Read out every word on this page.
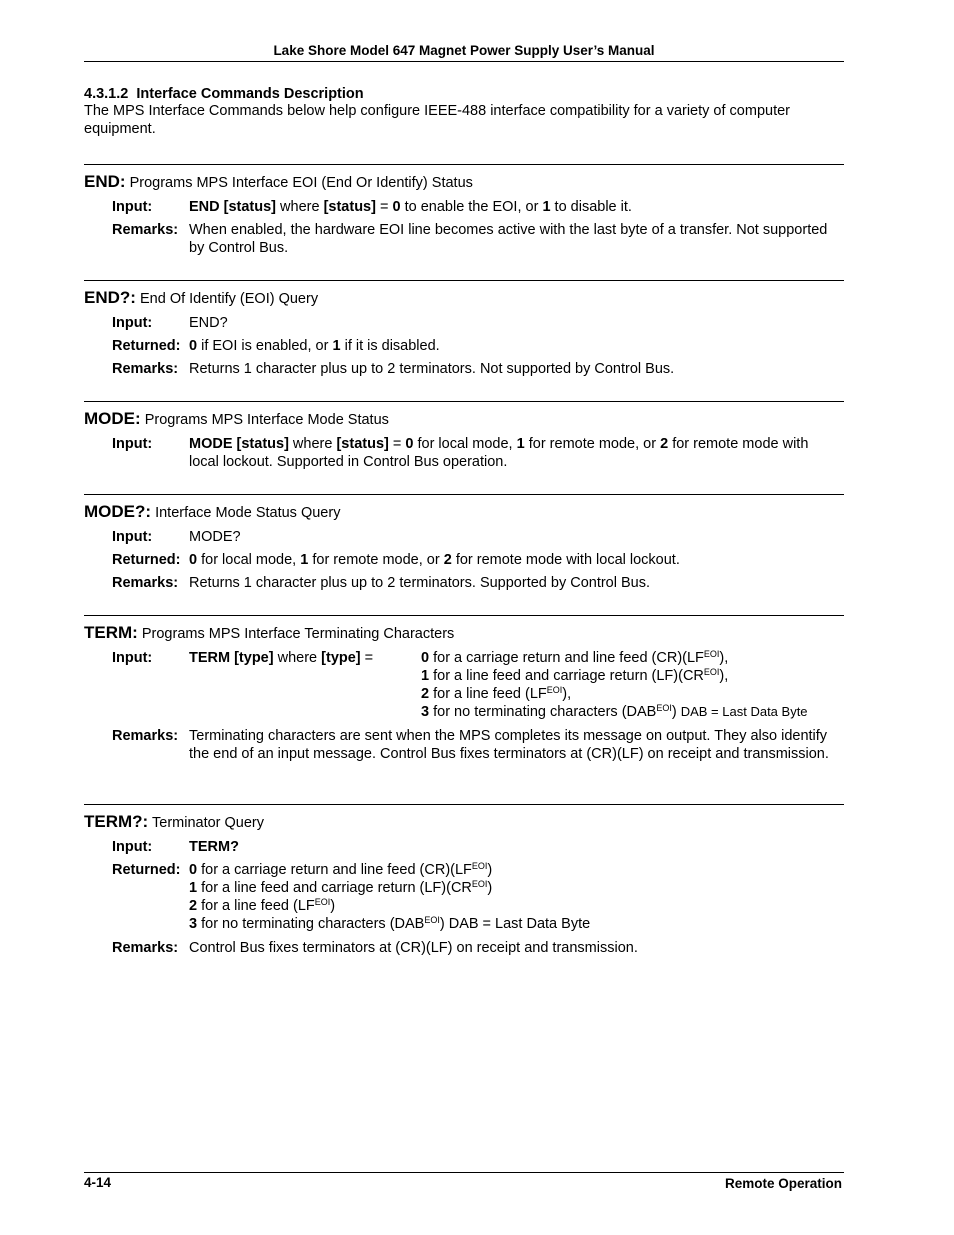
Lake Shore Model 647 Magnet Power Supply User’s Manual
4.3.1.2 Interface Commands Description
The MPS Interface Commands below help configure IEEE-488 interface compatibility for a variety of computer equipment.
END: Programs MPS Interface EOI (End Or Identify) Status
Input:	END [status] where [status] = 0 to enable the EOI, or 1 to disable it.
Remarks: When enabled, the hardware EOI line becomes active with the last byte of a transfer. Not supported by Control Bus.
END?: End Of Identify (EOI) Query
Input:	END?
Returned: 0 if EOI is enabled, or 1 if it is disabled.
Remarks: Returns 1 character plus up to 2 terminators. Not supported by Control Bus.
MODE: Programs MPS Interface Mode Status
Input:	MODE [status] where [status] = 0 for local mode, 1 for remote mode, or 2 for remote mode with local lockout. Supported in Control Bus operation.
MODE?: Interface Mode Status Query
Input:	MODE?
Returned: 0 for local mode, 1 for remote mode, or 2 for remote mode with local lockout.
Remarks: Returns 1 character plus up to 2 terminators. Supported by Control Bus.
TERM: Programs MPS Interface Terminating Characters
Input:	TERM [type] where [type] =	0 for a carriage return and line feed $(CR)(LF^{EOI})$,
1 for a line feed and carriage return $(LF)(CR^{EOI})$,
2 for a line feed $(LF^{EOI})$,
3 for no terminating characters $(DAB^{EOI})$ DAB = Last Data Byte
Remarks: Terminating characters are sent when the MPS completes its message on output. They also identify the end of an input message. Control Bus fixes terminators at (CR)(LF) on receipt and transmission.
TERM?: Terminator Query
Input:	TERM?
Returned: 0 for a carriage return and line feed $(CR)(LF^{EOI})$
1 for a line feed and carriage return $(LF)(CR^{EOI})$
2 for a line feed $(LF^{EOI})$
3 for no terminating characters $(DAB^{EOI})$ DAB = Last Data Byte
Remarks: Control Bus fixes terminators at (CR)(LF) on receipt and transmission.
4-14	Remote Operation
